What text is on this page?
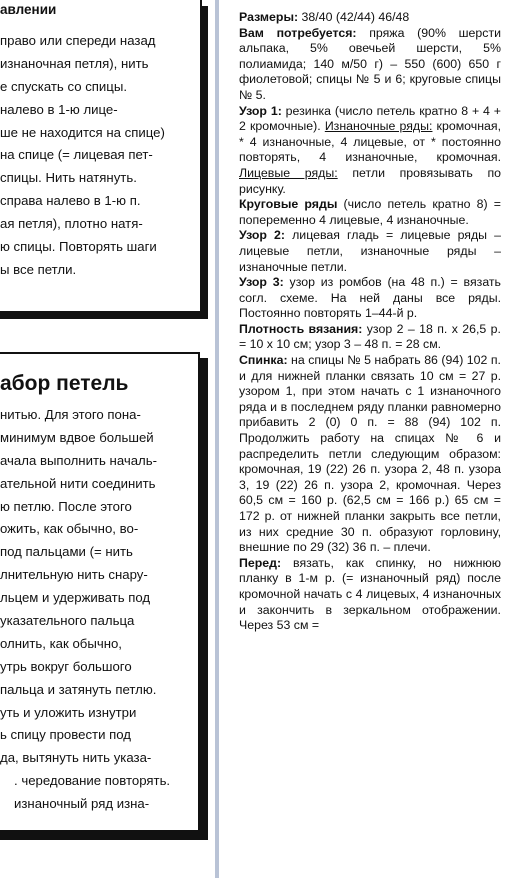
авлении
право или спереди назад
изнаночная петля), нить
е спускать со спицы.
налево в 1-ю лице-
ше не находится на спице)
на спице (= лицевая пет-
спицы. Нить натянуть.
справа налево в 1-ю п.
ая петля), плотно натя-
ю спицы. Повторять шаги
ы все петли.
абор петель
нитью. Для этого пона-
минимум вдвое большей
ачала выполнить началь-
ательной нити соединить
ю петлю. После этого
ожить, как обычно, во-
под пальцами (= нить
лнительную нить снару-
льцем и удерживать под
указательного пальца
олнить, как обычно,
утрь вокруг большого
пальца и затянуть петлю.
уть и уложить изнутри
ь спицу провести под
да, вытянуть нить указа-
. чередование повторять.
изнаночный ряд изна-

Размеры: 38/40 (42/44) 46/48

Вам потребуется: пряжа (90% шерсти альпака, 5% овечьей шерсти, 5% полиамида; 140 м/50 г) – 550 (600) 650 г фиолетовой; спицы № 5 и 6; круговые спицы № 5.

Узор 1: резинка (число петель кратно 8 + 4 + 2 кромочные). Изнаночные ряды: кромочная, * 4 изнаночные, 4 лицевые, от * постоянно повторять, 4 изнаночные, кромочная. Лицевые ряды: петли провязывать по рисунку.

Круговые ряды (число петель кратно 8) = попеременно 4 лицевые, 4 изнаночные.

Узор 2: лицевая гладь = лицевые ряды – лицевые петли, изнаночные ряды – изнаночные петли.

Узор 3: узор из ромбов (на 48 п.) = вязать согл. схеме. На ней даны все ряды. Постоянно повторять 1–44-й р.

Плотность вязания: узор 2 – 18 п. х 26,5 р. = 10 х 10 см; узор 3 – 48 п. = 28 см.

Спинка: на спицы № 5 набрать 86 (94) 102 п. и для нижней планки связать 10 см = 27 р. узором 1, при этом начать с 1 изнаночного ряда и в последнем ряду планки равномерно прибавить 2 (0) 0 п. = 88 (94) 102 п. Продолжить работу на спицах № 6 и распределить петли следующим образом: кромочная, 19 (22) 26 п. узора 2, 48 п. узора 3, 19 (22) 26 п. узора 2, кромочная. Через 60,5 см = 160 р. (62,5 см = 166 р.) 65 см = 172 р. от нижней планки закрыть все петли, из них средние 30 п. образуют горловину, внешние по 29 (32) 36 п. – плечи.

Перед: вязать, как спинку, но нижнюю планку в 1-м р. (= изнаночный ряд) после кромочной начать с 4 лицевых, 4 изнаночных и закончить в зеркальном отображении. Через 53 см =
